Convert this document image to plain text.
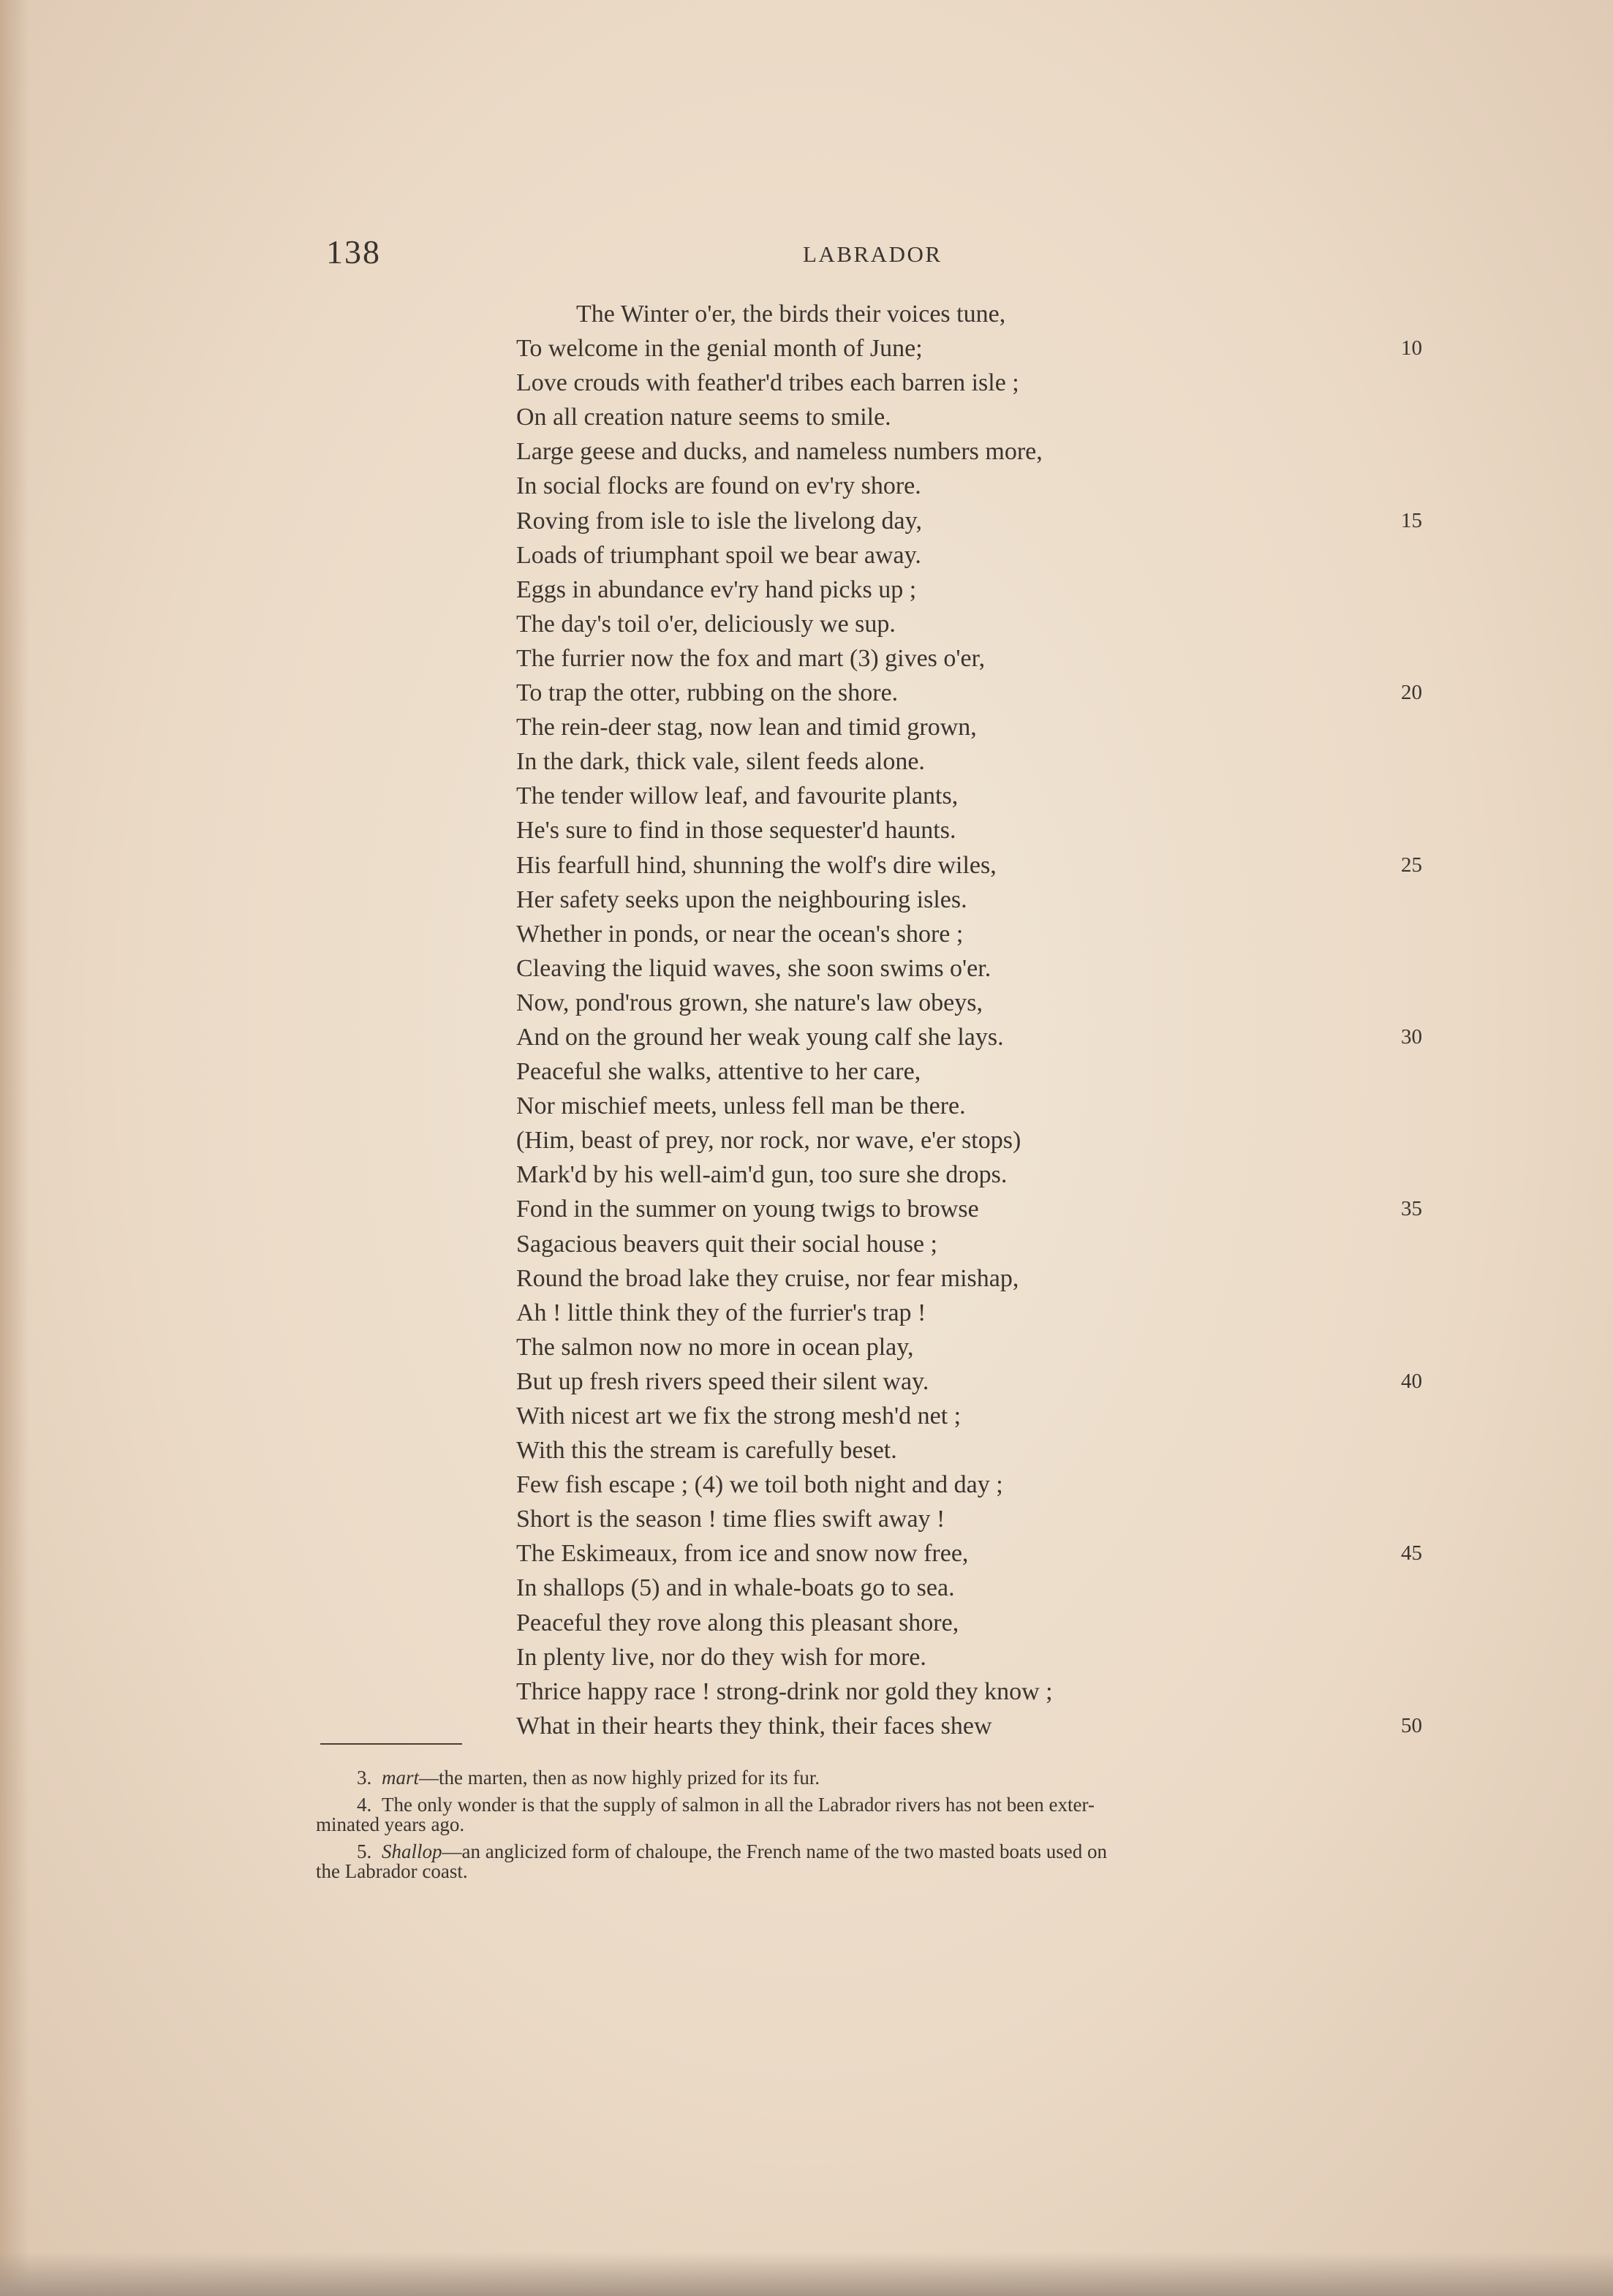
138	LABRADOR
The Winter o'er, the birds their voices tune,
To welcome in the genial month of June;	10
Love crouds with feather'd tribes each barren isle ;
On all creation nature seems to smile.
Large geese and ducks, and nameless numbers more,
In social flocks are found on ev'ry shore.
Roving from isle to isle the livelong day,	15
Loads of triumphant spoil we bear away.
Eggs in abundance ev'ry hand picks up ;
The day's toil o'er, deliciously we sup.
The furrier now the fox and mart (3) gives o'er,
To trap the otter, rubbing on the shore.	20
The rein-deer stag, now lean and timid grown,
In the dark, thick vale, silent feeds alone.
The tender willow leaf, and favourite plants,
He's sure to find in those sequester'd haunts.
His fearfull hind, shunning the wolf's dire wiles,	25
Her safety seeks upon the neighbouring isles.
Whether in ponds, or near the ocean's shore ;
Cleaving the liquid waves, she soon swims o'er.
Now, pond'rous grown, she nature's law obeys,
And on the ground her weak young calf she lays.	30
Peaceful she walks, attentive to her care,
Nor mischief meets, unless fell man be there.
(Him, beast of prey, nor rock, nor wave, e'er stops)
Mark'd by his well-aim'd gun, too sure she drops.
Fond in the summer on young twigs to browse	35
Sagacious beavers quit their social house ;
Round the broad lake they cruise, nor fear mishap,
Ah ! little think they of the furrier's trap !
The salmon now no more in ocean play,
But up fresh rivers speed their silent way.	40
With nicest art we fix the strong mesh'd net ;
With this the stream is carefully beset.
Few fish escape ; (4) we toil both night and day ;
Short is the season ! time flies swift away !
The Eskimeaux, from ice and snow now free,	45
In shallops (5) and in whale-boats go to sea.
Peaceful they rove along this pleasant shore,
In plenty live, nor do they wish for more.
Thrice happy race ! strong-drink nor gold they know ;
What in their hearts they think, their faces shew	50
3. mart—the marten, then as now highly prized for its fur.
4. The only wonder is that the supply of salmon in all the Labrador rivers has not been exter-
minated years ago.
5. Shallop—an anglicized form of chaloupe, the French name of the two masted boats used on
the Labrador coast.
